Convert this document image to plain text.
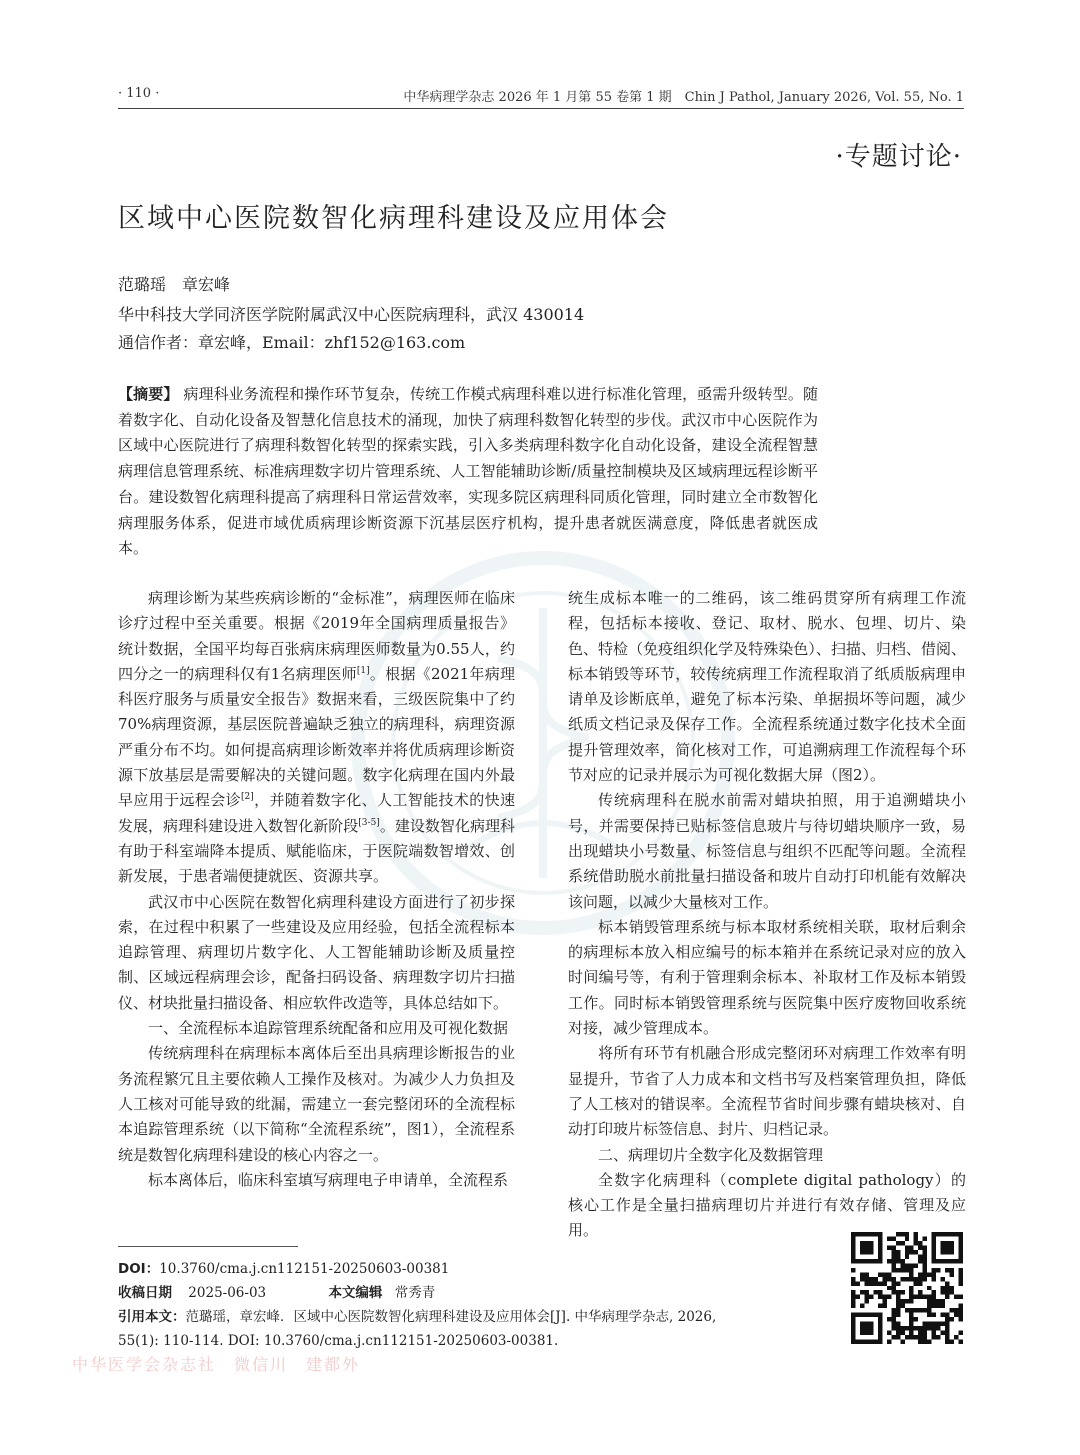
· 110 ·	中华病理学杂志 2026 年 1 月第 55 卷第 1 期　Chin J Pathol, January 2026, Vol. 55, No. 1
·专题讨论·
区域中心医院数智化病理科建设及应用体会
范璐瑶　章宏峰
华中科技大学同济医学院附属武汉中心医院病理科，武汉 430014
通信作者：章宏峰，Email：zhf152@163.com
【摘要】 病理科业务流程和操作环节复杂，传统工作模式病理科难以进行标准化管理，亟需升级转型。随着数字化、自动化设备及智慧化信息技术的涌现，加快了病理科数智化转型的步伐。武汉市中心医院作为区域中心医院进行了病理科数智化转型的探索实践，引入多类病理科数字化自动化设备，建设全流程智慧病理信息管理系统、标准病理数字切片管理系统、人工智能辅助诊断/质量控制模块及区域病理远程诊断平台。建设数智化病理科提高了病理科日常运营效率，实现多院区病理科同质化管理，同时建立全市数智化病理服务体系，促进市域优质病理诊断资源下沉基层医疗机构，提升患者就医满意度，降低患者就医成本。

病理诊断为某些疾病诊断的“金标准”，病理医师在临床诊疗过程中至关重要。根据《2019年全国病理质量报告》统计数据，全国平均每百张病床病理医师数量为0.55人，约四分之一的病理科仅有1名病理医师[1]。根据《2021年病理科医疗服务与质量安全报告》数据来看，三级医院集中了约70%病理资源，基层医院普遍缺乏独立的病理科，病理资源严重分布不均。如何提高病理诊断效率并将优质病理诊断资源下放基层是需要解决的关键问题。数字化病理在国内外最早应用于远程会诊[2]，并随着数字化、人工智能技术的快速发展，病理科建设进入数智化新阶段[3-5]。建设数智化病理科有助于科室端降本提质、赋能临床，于医院端数智增效、创新发展，于患者端便捷就医、资源共享。

武汉市中心医院在数智化病理科建设方面进行了初步探索，在过程中积累了一些建设及应用经验，包括全流程标本追踪管理、病理切片数字化、人工智能辅助诊断及质量控制、区域远程病理会诊，配备扫码设备、病理数字切片扫描仪、材块批量扫描设备、相应软件改造等，具体总结如下。

一、全流程标本追踪管理系统配备和应用及可视化数据

传统病理科在病理标本离体后至出具病理诊断报告的业务流程繁冗且主要依赖人工操作及核对。为减少人力负担及人工核对可能导致的纰漏，需建立一套完整闭环的全流程标本追踪管理系统（以下简称“全流程系统”，图1），全流程系统是数智化病理科建设的核心内容之一。

标本离体后，临床科室填写病理电子申请单，全流程系

统生成标本唯一的二维码，该二维码贯穿所有病理工作流程，包括标本接收、登记、取材、脱水、包埋、切片、染色、特检（免疫组织化学及特殊染色）、扫描、归档、借阅、标本销毁等环节，较传统病理工作流程取消了纸质版病理申请单及诊断底单，避免了标本污染、单据损坏等问题，减少纸质文档记录及保存工作。全流程系统通过数字化技术全面提升管理效率，简化核对工作，可追溯病理工作流程每个环节对应的记录并展示为可视化数据大屏（图2）。

传统病理科在脱水前需对蜡块拍照，用于追溯蜡块小号，并需要保持已贴标签信息玻片与待切蜡块顺序一致，易出现蜡块小号数量、标签信息与组织不匹配等问题。全流程系统借助脱水前批量扫描设备和玻片自动打印机能有效解决该问题，以减少大量核对工作。

标本销毁管理系统与标本取材系统相关联，取材后剩余的病理标本放入相应编号的标本箱并在系统记录对应的放入时间编号等，有利于管理剩余标本、补取材工作及标本销毁工作。同时标本销毁管理系统与医院集中医疗废物回收系统对接，减少管理成本。

将所有环节有机融合形成完整闭环对病理工作效率有明显提升，节省了人力成本和文档书写及档案管理负担，降低了人工核对的错误率。全流程节省时间步骤有蜡块核对、自动打印玻片标签信息、封片、归档记录。

二、病理切片全数字化及数据管理

全数字化病理科（complete digital pathology）的核心工作是全量扫描病理切片并进行有效存储、管理及应用。

DOI：10.3760/cma.j.cn112151-20250603-00381
收稿日期 2025-06-03	本文编辑 常秀青
引用本文：范璐瑶，章宏峰．区域中心医院数智化病理科建设及应用体会[J]. 中华病理学杂志, 2026,
55(1): 110-114. DOI: 10.3760/cma.j.cn112151-20250603-00381.
中华医学会杂志社　微信川　建都外
